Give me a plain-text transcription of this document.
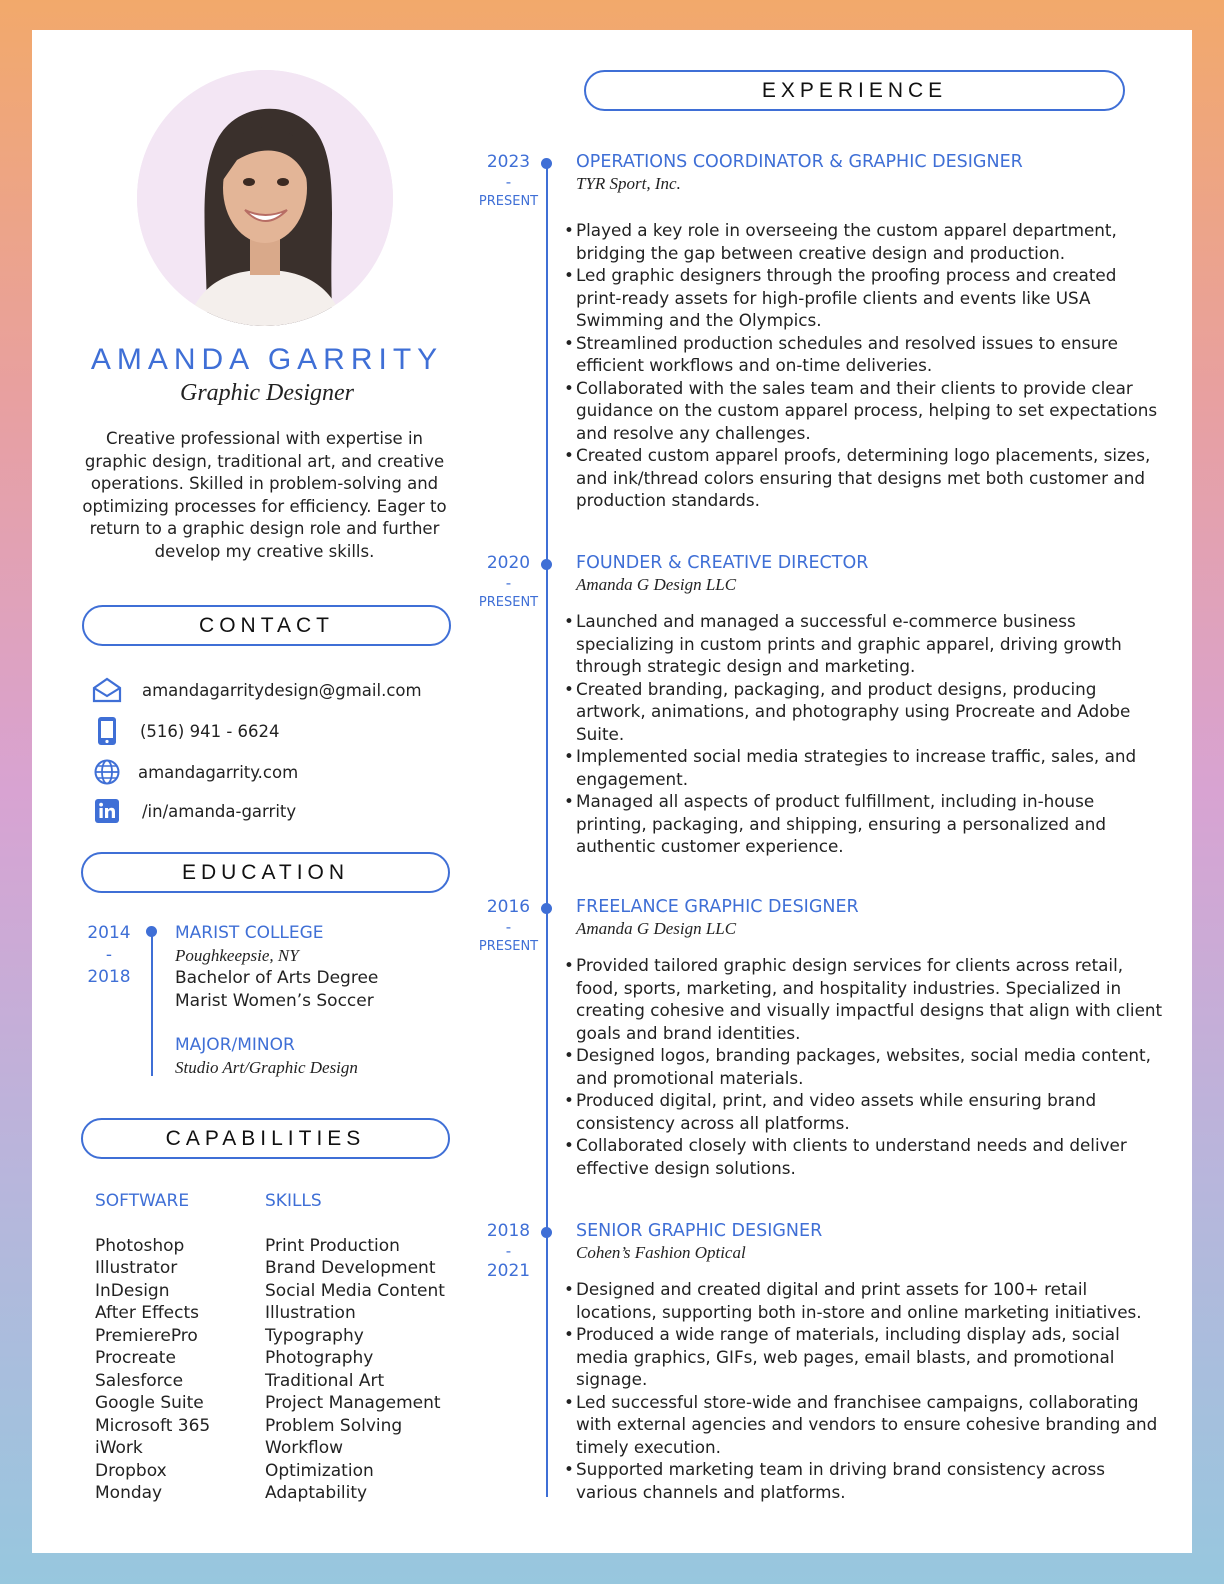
AMANDA GARRITY
Graphic Designer
Creative professional with expertise in graphic design, traditional art, and creative operations. Skilled in problem-solving and optimizing processes for efficiency. Eager to return to a graphic design role and further develop my creative skills.
CONTACT
amandagarritydesign@gmail.com
(516) 941 - 6624
amandagarrity.com
/in/amanda-garrity
EDUCATION
2014
-
2018
MARIST COLLEGE
Poughkeepsie, NY
Bachelor of Arts Degree
Marist Women’s Soccer
MAJOR/MINOR
Studio Art/Graphic Design
CAPABILITIES
SOFTWARE
Photoshop
Illustrator
InDesign
After Effects
PremierePro
Procreate
Salesforce
Google Suite
Microsoft 365
iWork
Dropbox
Monday
SKILLS
Print Production
Brand Development
Social Media Content
Illustration
Typography
Photography
Traditional Art
Project Management
Problem Solving
Workflow
Optimization
Adaptability
EXPERIENCE
2023
-
PRESENT
OPERATIONS COORDINATOR & GRAPHIC DESIGNER
TYR Sport, Inc.
• Played a key role in overseeing the custom apparel department, bridging the gap between creative design and production.
• Led graphic designers through the proofing process and created print-ready assets for high-profile clients and events like USA Swimming and the Olympics.
• Streamlined production schedules and resolved issues to ensure efficient workflows and on-time deliveries.
• Collaborated with the sales team and their clients to provide clear guidance on the custom apparel process, helping to set expectations and resolve any challenges.
• Created custom apparel proofs, determining logo placements, sizes, and ink/thread colors ensuring that designs met both customer and production standards.
2020
-
PRESENT
FOUNDER & CREATIVE DIRECTOR
Amanda G Design LLC
• Launched and managed a successful e-commerce business specializing in custom prints and graphic apparel, driving growth through strategic design and marketing.
• Created branding, packaging, and product designs, producing artwork, animations, and photography using Procreate and Adobe Suite.
• Implemented social media strategies to increase traffic, sales, and engagement.
• Managed all aspects of product fulfillment, including in-house printing, packaging, and shipping, ensuring a personalized and authentic customer experience.
2016
-
PRESENT
FREELANCE GRAPHIC DESIGNER
Amanda G Design LLC
• Provided tailored graphic design services for clients across retail, food, sports, marketing, and hospitality industries. Specialized in creating cohesive and visually impactful designs that align with client goals and brand identities.
• Designed logos, branding packages, websites, social media content, and promotional materials.
• Produced digital, print, and video assets while ensuring brand consistency across all platforms.
• Collaborated closely with clients to understand needs and deliver effective design solutions.
2018
-
2021
SENIOR GRAPHIC DESIGNER
Cohen’s Fashion Optical
• Designed and created digital and print assets for 100+ retail locations, supporting both in-store and online marketing initiatives.
• Produced a wide range of materials, including display ads, social media graphics, GIFs, web pages, email blasts, and promotional signage.
• Led successful store-wide and franchisee campaigns, collaborating with external agencies and vendors to ensure cohesive branding and timely execution.
• Supported marketing team in driving brand consistency across various channels and platforms.
